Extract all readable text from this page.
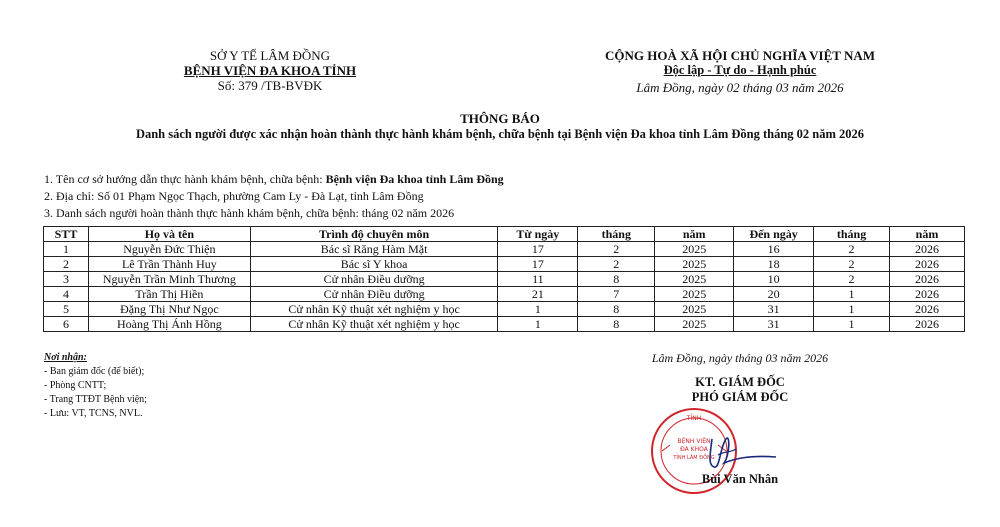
SỞ Y TẾ LÂM ĐỒNG
BỆNH VIỆN ĐA KHOA TỈNH
Số: 379 /TB-BVĐK
CỘNG HOÀ XÃ HỘI CHỦ NGHĨA VIỆT NAM
Độc lập - Tự do - Hạnh phúc
Lâm Đồng, ngày 02 tháng 03 năm 2026
THÔNG BÁO
Danh sách người được xác nhận hoàn thành thực hành khám bệnh, chữa bệnh tại Bệnh viện Đa khoa tỉnh Lâm Đồng tháng 02 năm 2026
1. Tên cơ sở hướng dẫn thực hành khám bệnh, chữa bệnh: Bệnh viện Đa khoa tỉnh Lâm Đồng
2. Địa chỉ: Số 01 Phạm Ngọc Thạch, phường Cam Ly - Đà Lạt, tỉnh Lâm Đồng
3. Danh sách người hoàn thành thực hành khám bệnh, chữa bệnh: tháng 02 năm 2026
STT	Họ và tên	Trình độ chuyên môn	Từ ngày	tháng	năm	Đến ngày	tháng	năm
1	Nguyễn Đức Thiện	Bác sĩ Răng Hàm Mặt	17	2	2025	16	2	2026
2	Lê Trần Thành Huy	Bác sĩ Y khoa	17	2	2025	18	2	2026
3	Nguyễn Trần Minh Thương	Cử nhân Điều dưỡng	11	8	2025	10	2	2026
4	Trần Thị Hiền	Cử nhân Điều dưỡng	21	7	2025	20	1	2026
5	Đặng Thị Như Ngọc	Cử nhân Kỹ thuật xét nghiệm y học	1	8	2025	31	1	2026
6	Hoàng Thị Ánh Hồng	Cử nhân Kỹ thuật xét nghiệm y học	1	8	2025	31	1	2026
Nơi nhận:
- Ban giám đốc (để biết);
- Phòng CNTT;
- Trang TTĐT Bệnh viện;
- Lưu: VT, TCNS, NVL.
Lâm Đồng, ngày tháng 03 năm 2026
KT. GIÁM ĐỐC
PHÓ GIÁM ĐỐC
TỈNH
BỆNH VIỆN
ĐA KHOA
TỈNH LÂM ĐỒNG
Bùi Văn Nhân
